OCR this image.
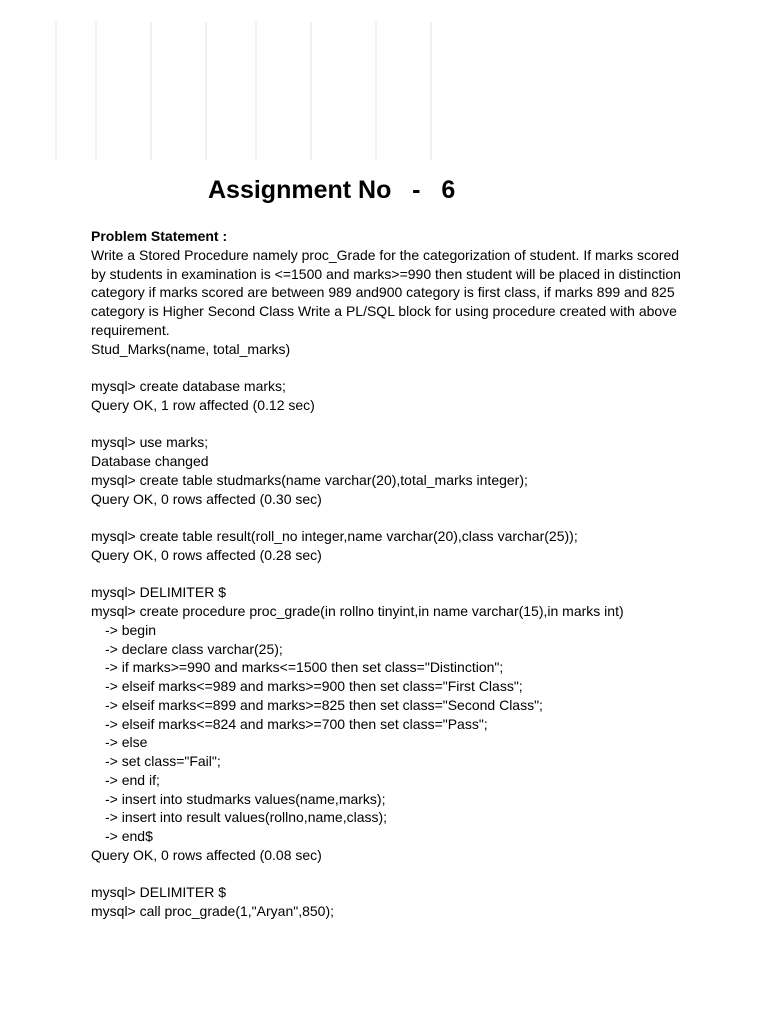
Assignment No   -   6
Problem Statement :
Write a Stored Procedure namely proc_Grade for the categorization of student. If marks scored
by students in examination is <=1500 and marks>=990 then student will be placed in distinction
category if marks scored are between 989 and900 category is first class, if marks 899 and 825
category is Higher Second Class Write a PL/SQL block for using procedure created with above
requirement.
Stud_Marks(name, total_marks)
mysql> create database marks;
Query OK, 1 row affected (0.12 sec)
mysql> use marks;
Database changed
mysql> create table studmarks(name varchar(20),total_marks integer);
Query OK, 0 rows affected (0.30 sec)
mysql> create table result(roll_no integer,name varchar(20),class varchar(25));
Query OK, 0 rows affected (0.28 sec)
mysql> DELIMITER $
mysql> create procedure proc_grade(in rollno tinyint,in name varchar(15),in marks int)
-> begin
-> declare class varchar(25);
-> if marks>=990 and marks<=1500 then set class="Distinction";
-> elseif marks<=989 and marks>=900 then set class="First Class";
-> elseif marks<=899 and marks>=825 then set class="Second Class";
-> elseif marks<=824 and marks>=700 then set class="Pass";
-> else
-> set class="Fail";
-> end if;
-> insert into studmarks values(name,marks);
-> insert into result values(rollno,name,class);
-> end$
Query OK, 0 rows affected (0.08 sec)
mysql> DELIMITER $
mysql> call proc_grade(1,"Aryan",850);
